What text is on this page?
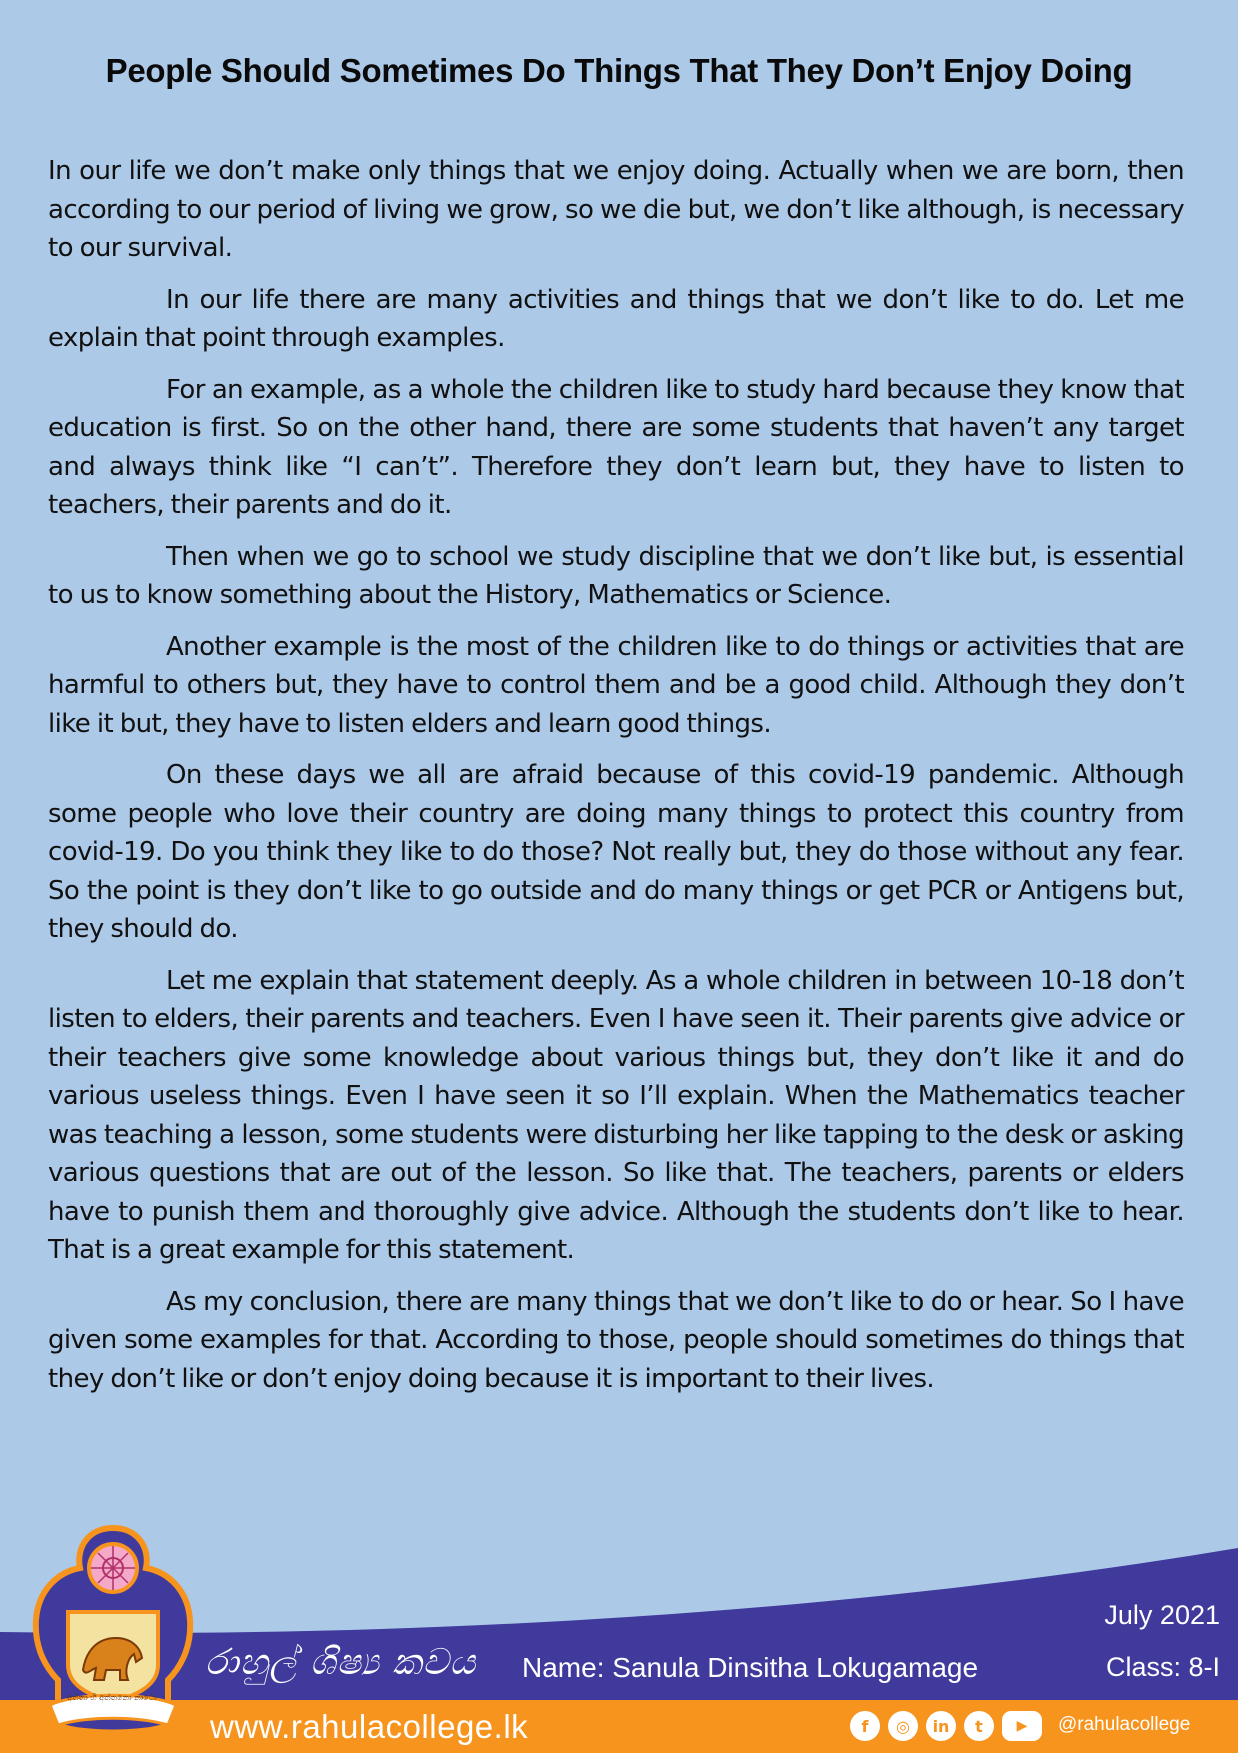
People Should Sometimes Do Things That They Don’t Enjoy Doing

In our life we don’t make only things that we enjoy doing. Actually when we are born, then according to our period of living we grow, so we die but, we don’t like although, is necessary to our survival.

In our life there are many activities and things that we don’t like to do. Let me explain that point through examples.

For an example, as a whole the children like to study hard because they know that education is first. So on the other hand, there are some students that haven’t any target and always think like “I can’t”. Therefore they don’t learn but, they have to listen to teachers, their parents and do it.

Then when we go to school we study discipline that we don’t like but, is essential to us to know something about the History, Mathematics or Science.

Another example is the most of the children like to do things or activities that are harmful to others but, they have to control them and be a good child. Although they don’t like it but, they have to listen elders and learn good things.

On these days we all are afraid because of this covid-19 pandemic. Although some people who love their country are doing many things to protect this country from covid-19. Do you think they like to do those? Not really but, they do those without any fear. So the point is they don’t like to go outside and do many things or get PCR or Antigens but, they should do.

Let me explain that statement deeply. As a whole children in between 10-18 don’t listen to elders, their parents and teachers. Even I have seen it. Their parents give advice or their teachers give some knowledge about various things but, they don’t like it and do various useless things. Even I have seen it so I’ll explain. When the Mathematics teacher was teaching a lesson, some students were disturbing her like tapping to the desk or asking various questions that are out of the lesson. So like that. The teachers, parents or elders have to punish them and thoroughly give advice. Although the students don’t like to hear. That is a great example for this statement.

As my conclusion, there are many things that we don’t like to do or hear. So I have given some examples for that. According to those, people should sometimes do things that they don’t like or don’t enjoy doing because it is important to their lives.

July 2021
රාහුල් ශිෂ්‍ය කවය Name: Sanula Dinsitha Lokugamage	Class: 8-I
www.rahulacollege.lk	f	◎	in	t	▶	@rahulacollege
අත්තා හි අත්තනො නාථො
